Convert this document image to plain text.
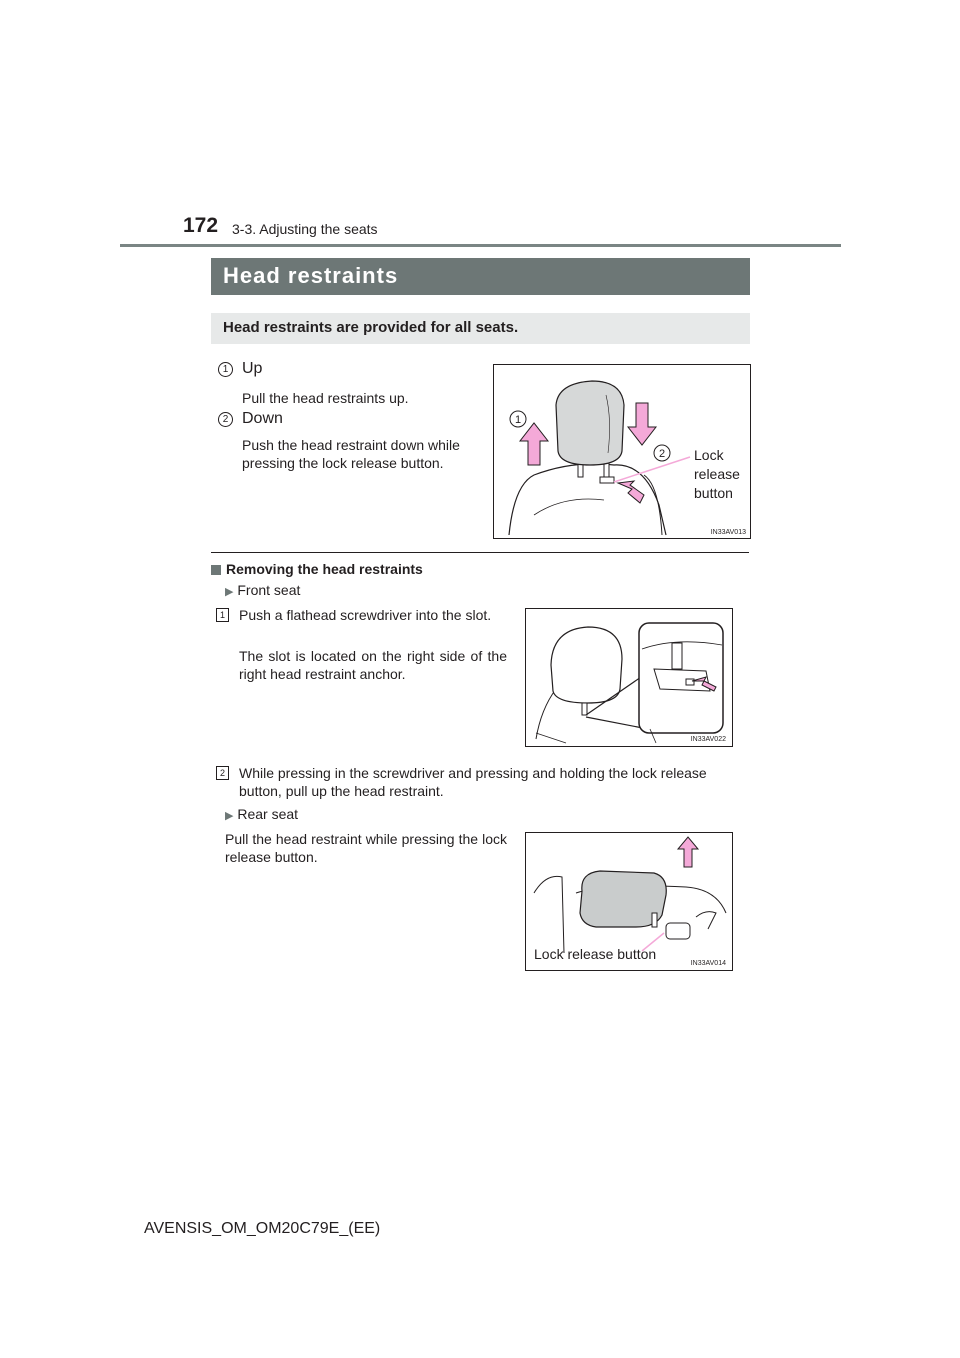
172 3-3. Adjusting the seats
Head restraints
Head restraints are provided for all seats.
1 Up
Pull the head restraints up.
2 Down
Push the head restraint down while pressing the lock release button.
1
2 Lock
release
button
IN33AV013
Removing the head restraints
▶ Front seat
1 Push a flathead screwdriver into the slot.
The slot is located on the right side of the right head restraint anchor.
IN33AV022
2 While pressing in the screwdriver and pressing and holding the lock release button, pull up the head restraint.
▶ Rear seat
Pull the head restraint while pressing the lock release button.
Lock release button
IN33AV014
AVENSIS_OM_OM20C79E_(EE)
